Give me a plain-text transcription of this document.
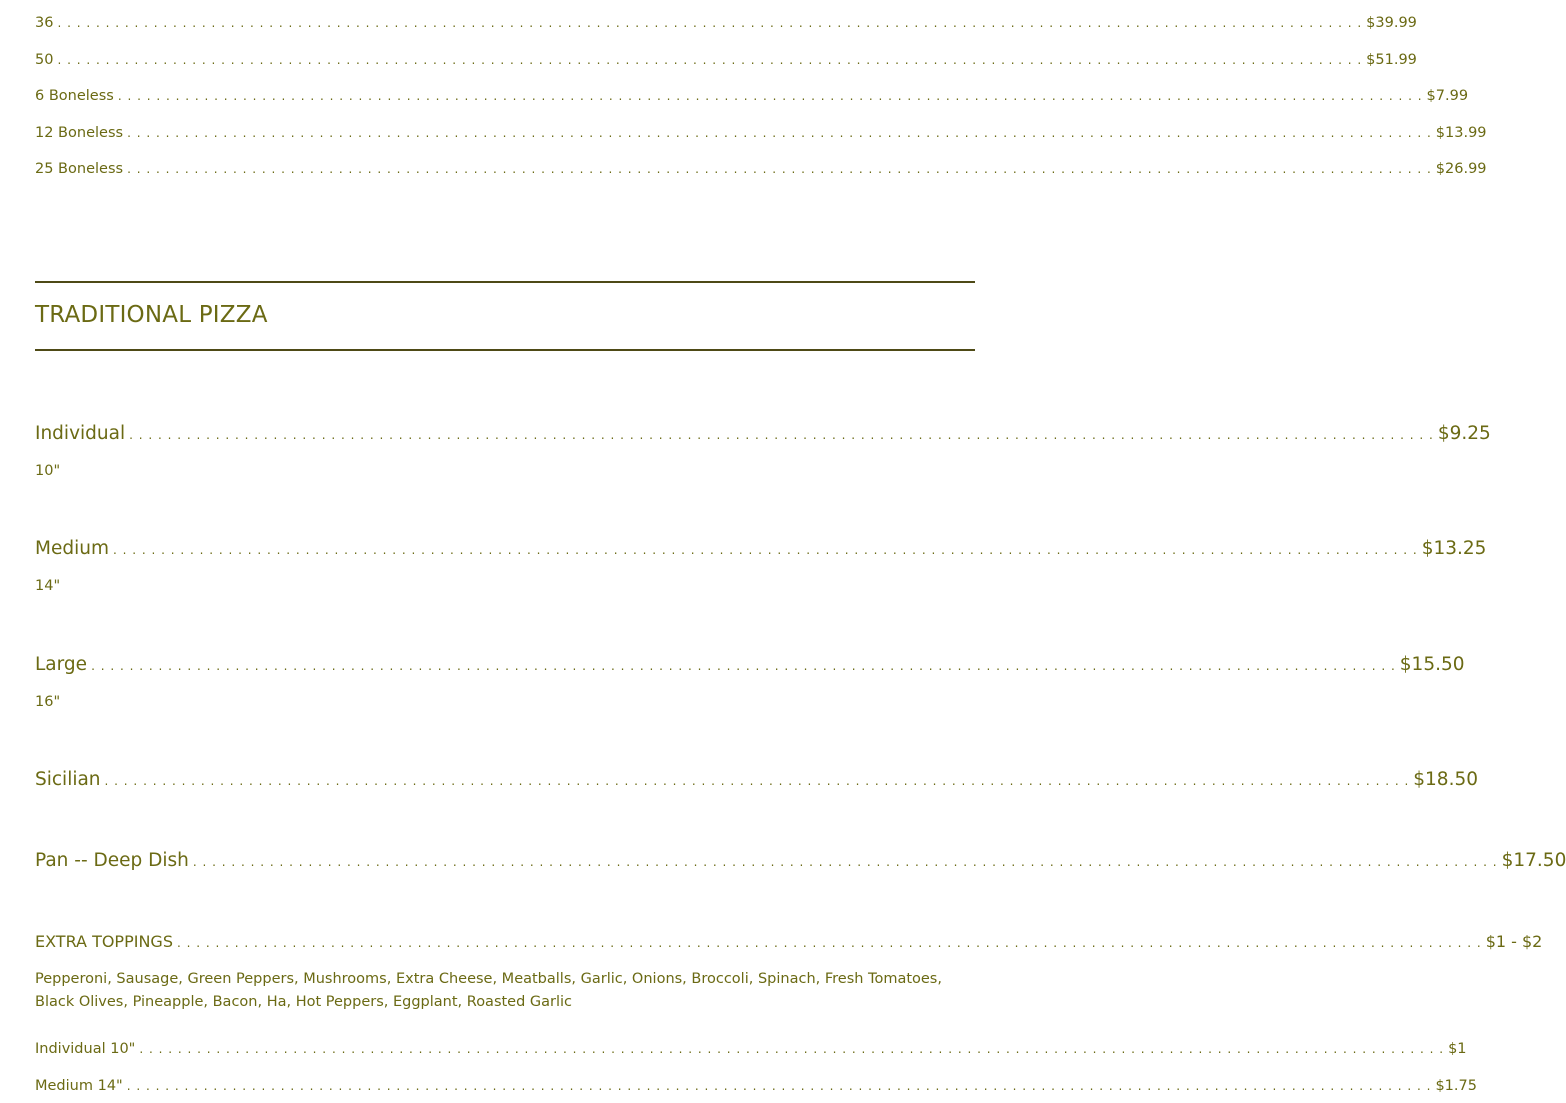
36 . . . . . . . . . . . . . . . . . . . . . . . . . . . . . . . . . . . . . . . . . . . . . . . . . . . . . . . . . . . . . . . . . . . . . . . . . . . . . . . . . . . . . . . . . . . . . . . . . . . . . . . . . . . . . . . . . . . . . . . . . . . . . . . . . . . . . . . . $39.99
50 . . . . . . . . . . . . . . . . . . . . . . . . . . . . . . . . . . . . . . . . . . . . . . . . . . . . . . . . . . . . . . . . . . . . . . . . . . . . . . . . . . . . . . . . . . . . . . . . . . . . . . . . . . . . . . . . . . . . . . . . . . . . . . . . . . . . . . . . $51.99
6 Boneless . . . . . . . . . . . . . . . . . . . . . . . . . . . . . . . . . . . . . . . . . . . . . . . . . . . . . . . . . . . . . . . . . . . . . . . . . . . . . . . . . . . . . . . . . . . . . . . . . . . . . . . . . . . . . . . . . . . . . . . . . . . . . . . . . . . . . . . . $7.99
12 Boneless . . . . . . . . . . . . . . . . . . . . . . . . . . . . . . . . . . . . . . . . . . . . . . . . . . . . . . . . . . . . . . . . . . . . . . . . . . . . . . . . . . . . . . . . . . . . . . . . . . . . . . . . . . . . . . . . . . . . . . . . . . . . . . . . . . . . . . . . $13.99
25 Boneless . . . . . . . . . . . . . . . . . . . . . . . . . . . . . . . . . . . . . . . . . . . . . . . . . . . . . . . . . . . . . . . . . . . . . . . . . . . . . . . . . . . . . . . . . . . . . . . . . . . . . . . . . . . . . . . . . . . . . . . . . . . . . . . . . . . . . . . . $26.99
TRADITIONAL PIZZA
Individual . . . . . . . . . . . . . . . . . . . . . . . . . . . . . . . . . . . . . . . . . . . . . . . . . . . . . . . . . . . . . . . . . . . . . . . . . . . . . . . . . . . . . . . . . . . . . . . . . . . . . . . . . . . . . . . . . . . . . . . . . . . . . . . . . . . . . . . . $9.25
10"
Medium . . . . . . . . . . . . . . . . . . . . . . . . . . . . . . . . . . . . . . . . . . . . . . . . . . . . . . . . . . . . . . . . . . . . . . . . . . . . . . . . . . . . . . . . . . . . . . . . . . . . . . . . . . . . . . . . . . . . . . . . . . . . . . . . . . . . . . . . $13.25
14"
Large . . . . . . . . . . . . . . . . . . . . . . . . . . . . . . . . . . . . . . . . . . . . . . . . . . . . . . . . . . . . . . . . . . . . . . . . . . . . . . . . . . . . . . . . . . . . . . . . . . . . . . . . . . . . . . . . . . . . . . . . . . . . . . . . . . . . . . . . $15.50
16"
Sicilian . . . . . . . . . . . . . . . . . . . . . . . . . . . . . . . . . . . . . . . . . . . . . . . . . . . . . . . . . . . . . . . . . . . . . . . . . . . . . . . . . . . . . . . . . . . . . . . . . . . . . . . . . . . . . . . . . . . . . . . . . . . . . . . . . . . . . . . . $18.50
Pan -- Deep Dish . . . . . . . . . . . . . . . . . . . . . . . . . . . . . . . . . . . . . . . . . . . . . . . . . . . . . . . . . . . . . . . . . . . . . . . . . . . . . . . . . . . . . . . . . . . . . . . . . . . . . . . . . . . . . . . . . . . . . . . . . . . . . . . . . . . . . . . . $17.50
EXTRA TOPPINGS . . . . . . . . . . . . . . . . . . . . . . . . . . . . . . . . . . . . . . . . . . . . . . . . . . . . . . . . . . . . . . . . . . . . . . . . . . . . . . . . . . . . . . . . . . . . . . . . . . . . . . . . . . . . . . . . . . . . . . . . . . . . . . . . . . . . . . . . $1 - $2
Pepperoni, Sausage, Green Peppers, Mushrooms, Extra Cheese, Meatballs, Garlic, Onions, Broccoli, Spinach, Fresh Tomatoes, Black Olives, Pineapple, Bacon, Ha, Hot Peppers, Eggplant, Roasted Garlic
Individual 10" . . . . . . . . . . . . . . . . . . . . . . . . . . . . . . . . . . . . . . . . . . . . . . . . . . . . . . . . . . . . . . . . . . . . . . . . . . . . . . . . . . . . . . . . . . . . . . . . . . . . . . . . . . . . . . . . . . . . . . . . . . . . . . . . . . . . . . . . $1
Medium 14" . . . . . . . . . . . . . . . . . . . . . . . . . . . . . . . . . . . . . . . . . . . . . . . . . . . . . . . . . . . . . . . . . . . . . . . . . . . . . . . . . . . . . . . . . . . . . . . . . . . . . . . . . . . . . . . . . . . . . . . . . . . . . . . . . . . . . . . . $1.75
